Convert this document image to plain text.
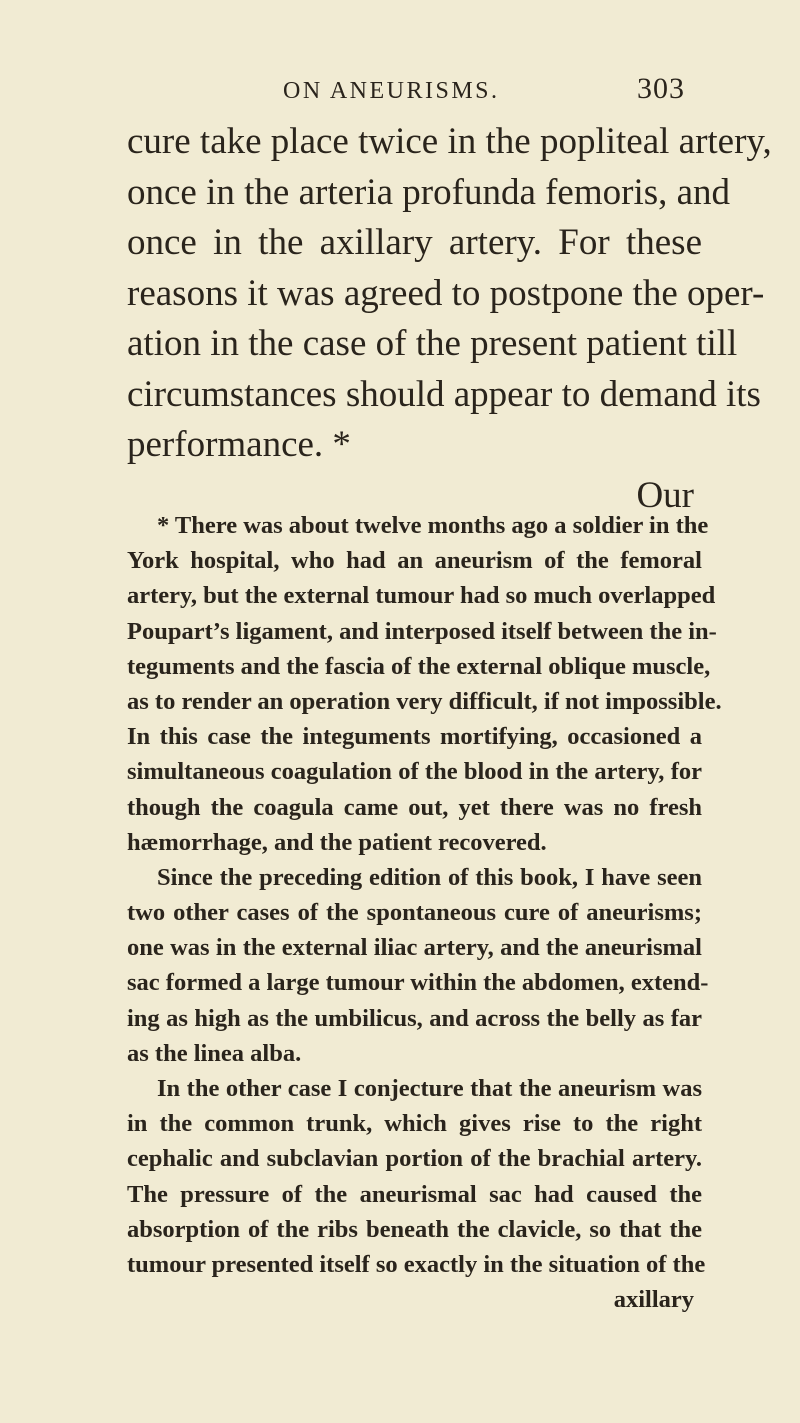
ON ANEURISMS.	303
cure take place twice in the popliteal artery,
once in the arteria profunda femoris, and
once in the axillary artery. For these
reasons it was agreed to postpone the oper-
ation in the case of the present patient till
circumstances should appear to demand its
performance. *
Our
* There was about twelve months ago a soldier in the
York hospital, who had an aneurism of the femoral
artery, but the external tumour had so much overlapped
Poupart’s ligament, and interposed itself between the in-
teguments and the fascia of the external oblique muscle,
as to render an operation very difficult, if not impossible.
In this case the integuments mortifying, occasioned a
simultaneous coagulation of the blood in the artery, for
though the coagula came out, yet there was no fresh
hæmorrhage, and the patient recovered.
Since the preceding edition of this book, I have seen
two other cases of the spontaneous cure of aneurisms;
one was in the external iliac artery, and the aneurismal
sac formed a large tumour within the abdomen, extend-
ing as high as the umbilicus, and across the belly as far
as the linea alba.
In the other case I conjecture that the aneurism was
in the common trunk, which gives rise to the right
cephalic and subclavian portion of the brachial artery.
The pressure of the aneurismal sac had caused the
absorption of the ribs beneath the clavicle, so that the
tumour presented itself so exactly in the situation of the
axillary
